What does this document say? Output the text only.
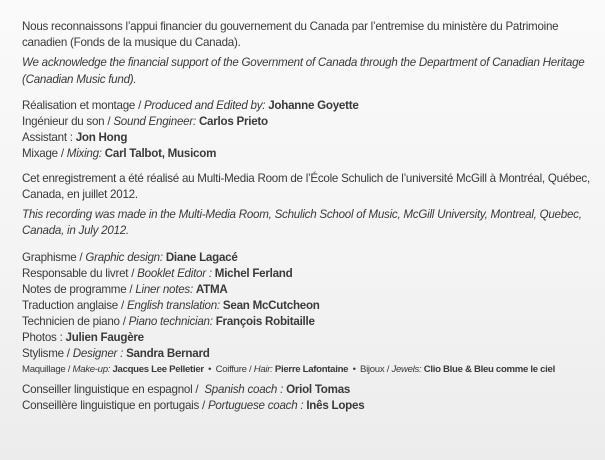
Nous reconnaissons l’appui financier du gouvernement du Canada par l’entremise du ministère du Patrimoine canadien (Fonds de la musique du Canada).

We acknowledge the financial support of the Government of Canada through the Department of Canadian Heritage (Canadian Music fund).

Réalisation et montage / Produced and Edited by: Johanne Goyette
Ingénieur du son / Sound Engineer: Carlos Prieto
Assistant : Jon Hong
Mixage / Mixing: Carl Talbot, Musicom

Cet enregistrement a été réalisé au Multi-Media Room de l’École Schulich de l’université McGill à Montréal, Québec, Canada, en juillet 2012.

This recording was made in the Multi-Media Room, Schulich School of Music, McGill University, Montreal, Quebec, Canada, in July 2012.

Graphisme / Graphic design: Diane Lagacé
Responsable du livret / Booklet Editor : Michel Ferland
Notes de programme / Liner notes: ATMA
Traduction anglaise / English translation: Sean McCutcheon
Technicien de piano / Piano technician: François Robitaille
Photos : Julien Faugère
Stylisme / Designer : Sandra Bernard
Maquillage / Make-up: Jacques Lee Pelletier • Coiffure / Hair: Pierre Lafontaine • Bijoux / Jewels: Clio Blue & Bleu comme le ciel
Conseiller linguistique en espagnol /  Spanish coach : Oriol Tomas
Conseillère linguistique en portugais / Portuguese coach : Inês Lopes
